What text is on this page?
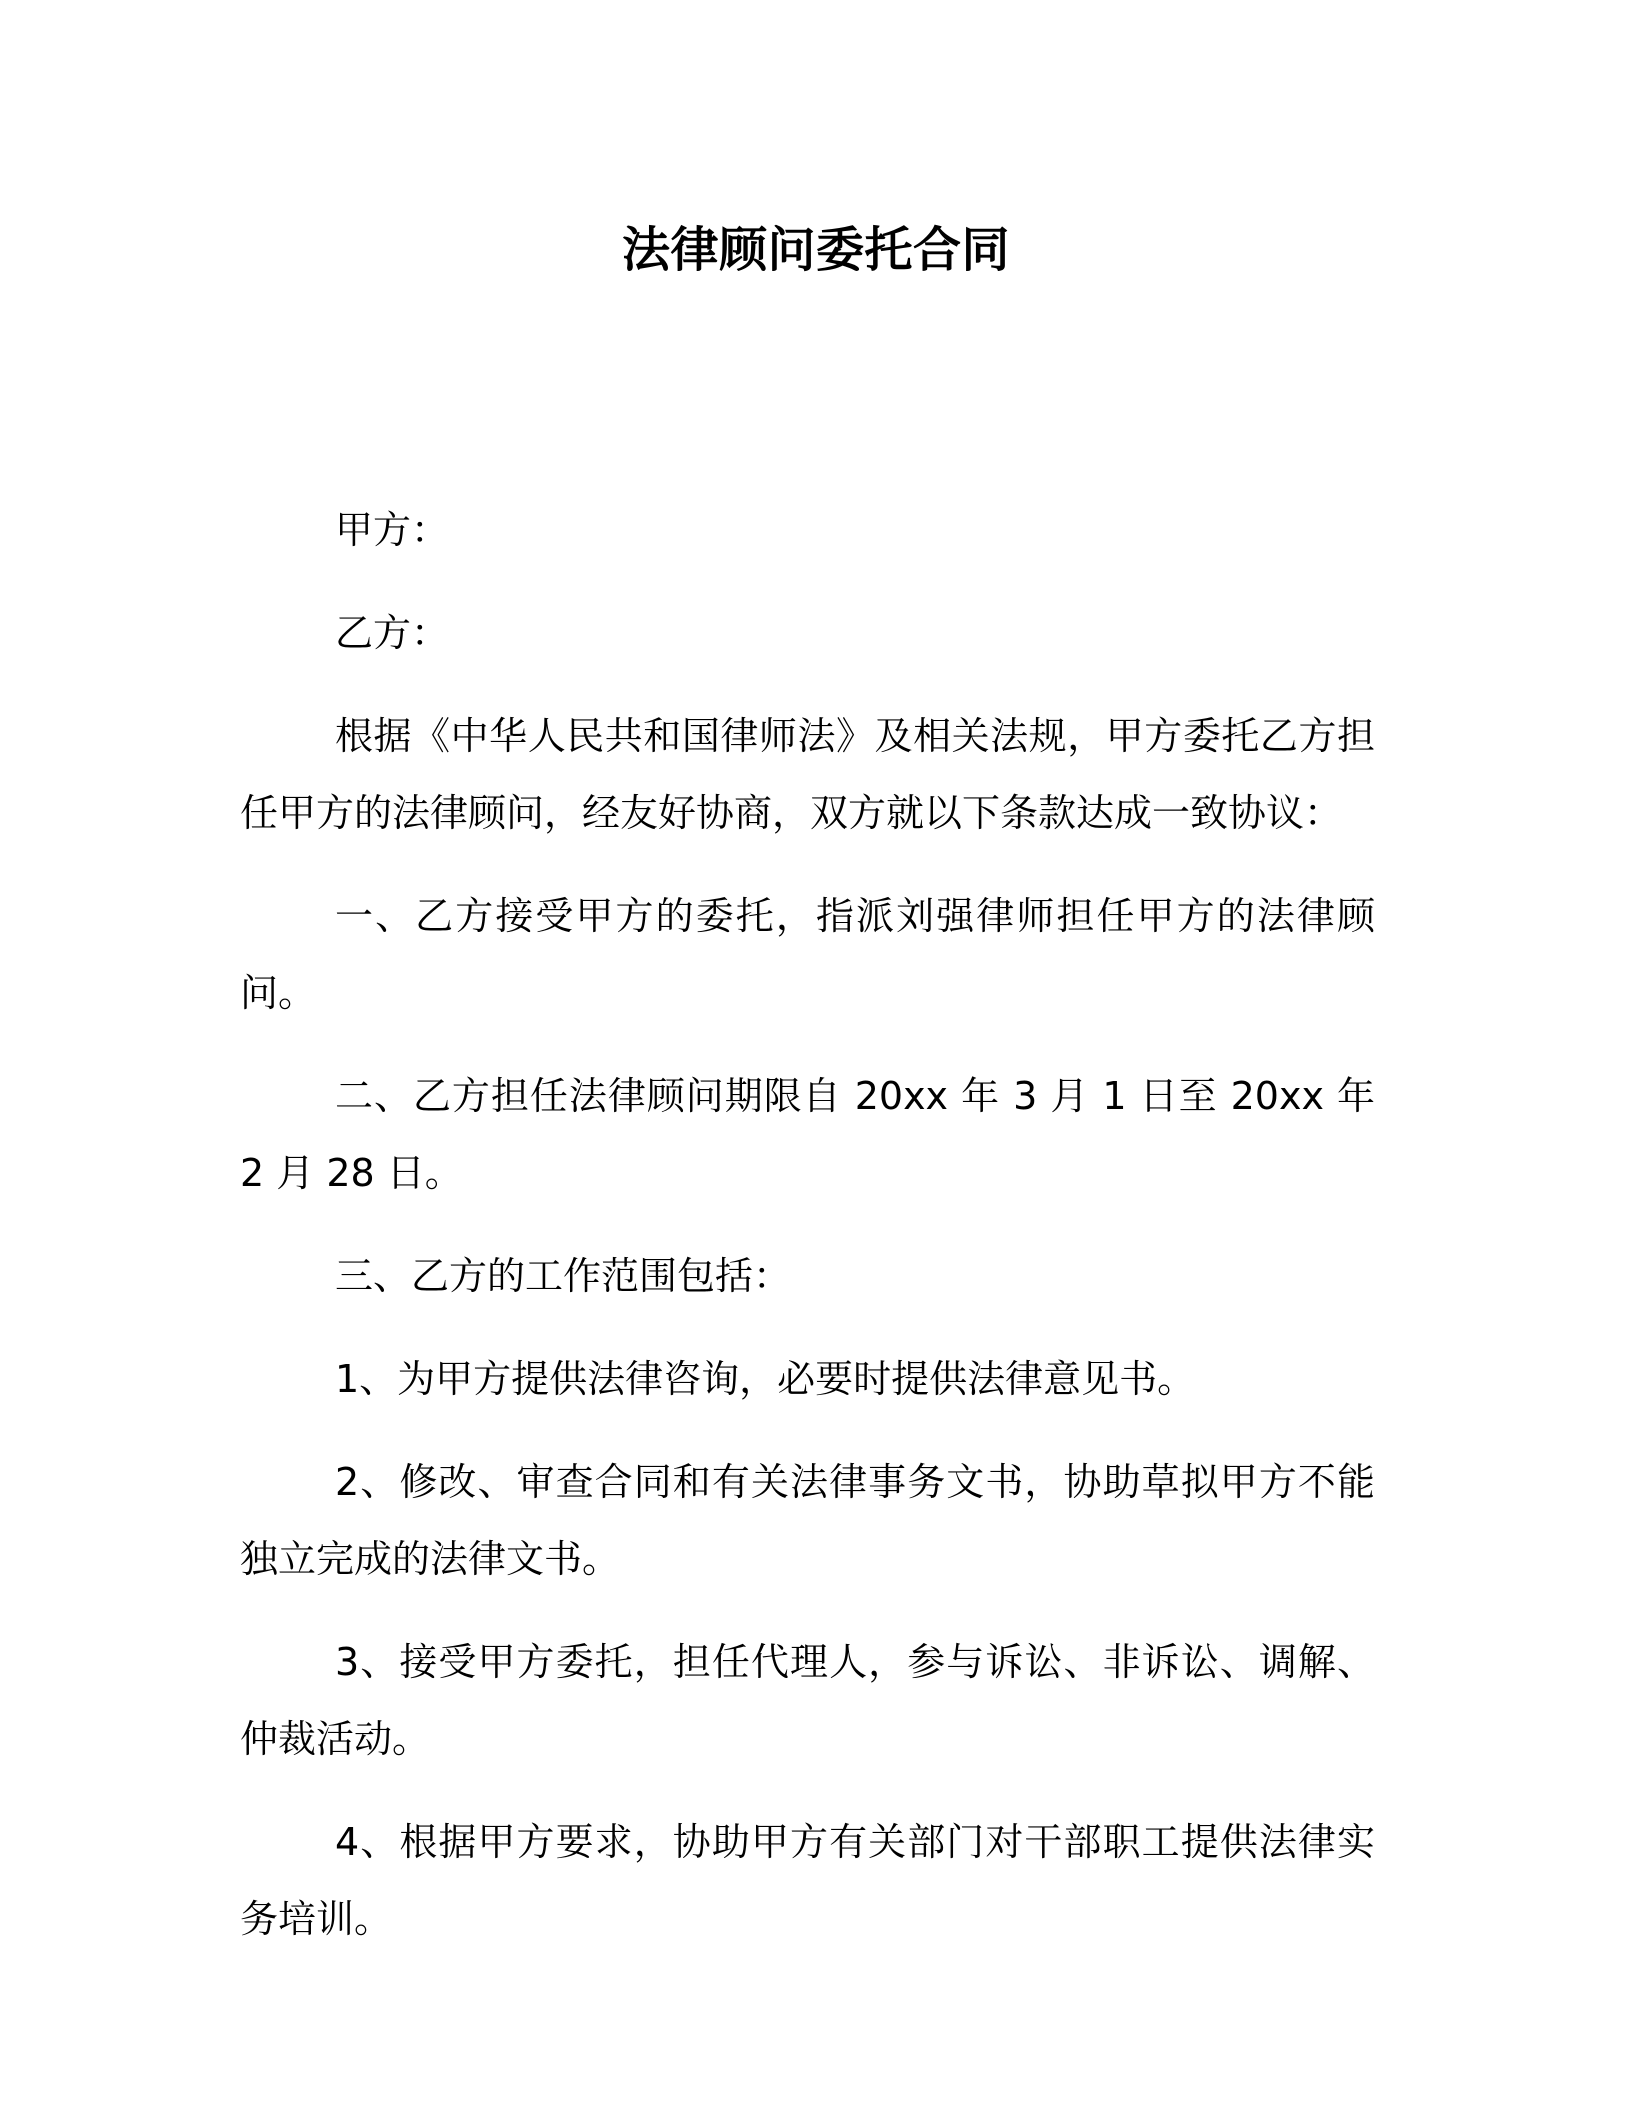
法律顾问委托合同

甲方：

乙方：

根据《中华人民共和国律师法》及相关法规，甲方委托乙方担任甲方的法律顾问，经友好协商，双方就以下条款达成一致协议：

一、乙方接受甲方的委托，指派刘强律师担任甲方的法律顾问。

二、乙方担任法律顾问期限自 20xx 年 3 月 1 日至 20xx 年 2 月 28 日。

三、乙方的工作范围包括：

1、为甲方提供法律咨询，必要时提供法律意见书。

2、修改、审查合同和有关法律事务文书，协助草拟甲方不能独立完成的法律文书。

3、接受甲方委托，担任代理人，参与诉讼、非诉讼、调解、仲裁活动。

4、根据甲方要求，协助甲方有关部门对干部职工提供法律实务培训。
